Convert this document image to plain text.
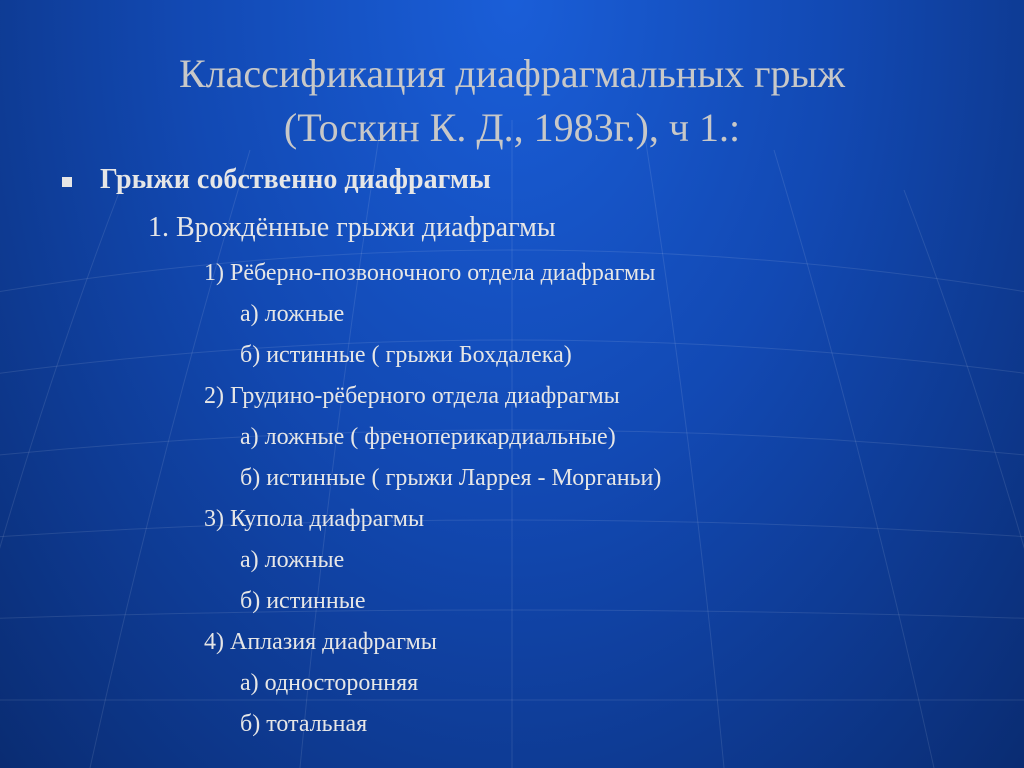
Классификация диафрагмальных грыж
(Тоскин К. Д., 1983г.), ч 1.:

Грыжи собственно диафрагмы

1. Врождённые грыжи диафрагмы

1) Рёберно-позвоночного отдела диафрагмы

а) ложные

б) истинные ( грыжи Бохдалека)

2) Грудино-рёберного отдела диафрагмы

а) ложные ( френоперикардиальные)

б) истинные ( грыжи Ларрея - Морганьи)

3) Купола диафрагмы

а) ложные

б) истинные

4) Аплазия диафрагмы

а) односторонняя

б) тотальная
